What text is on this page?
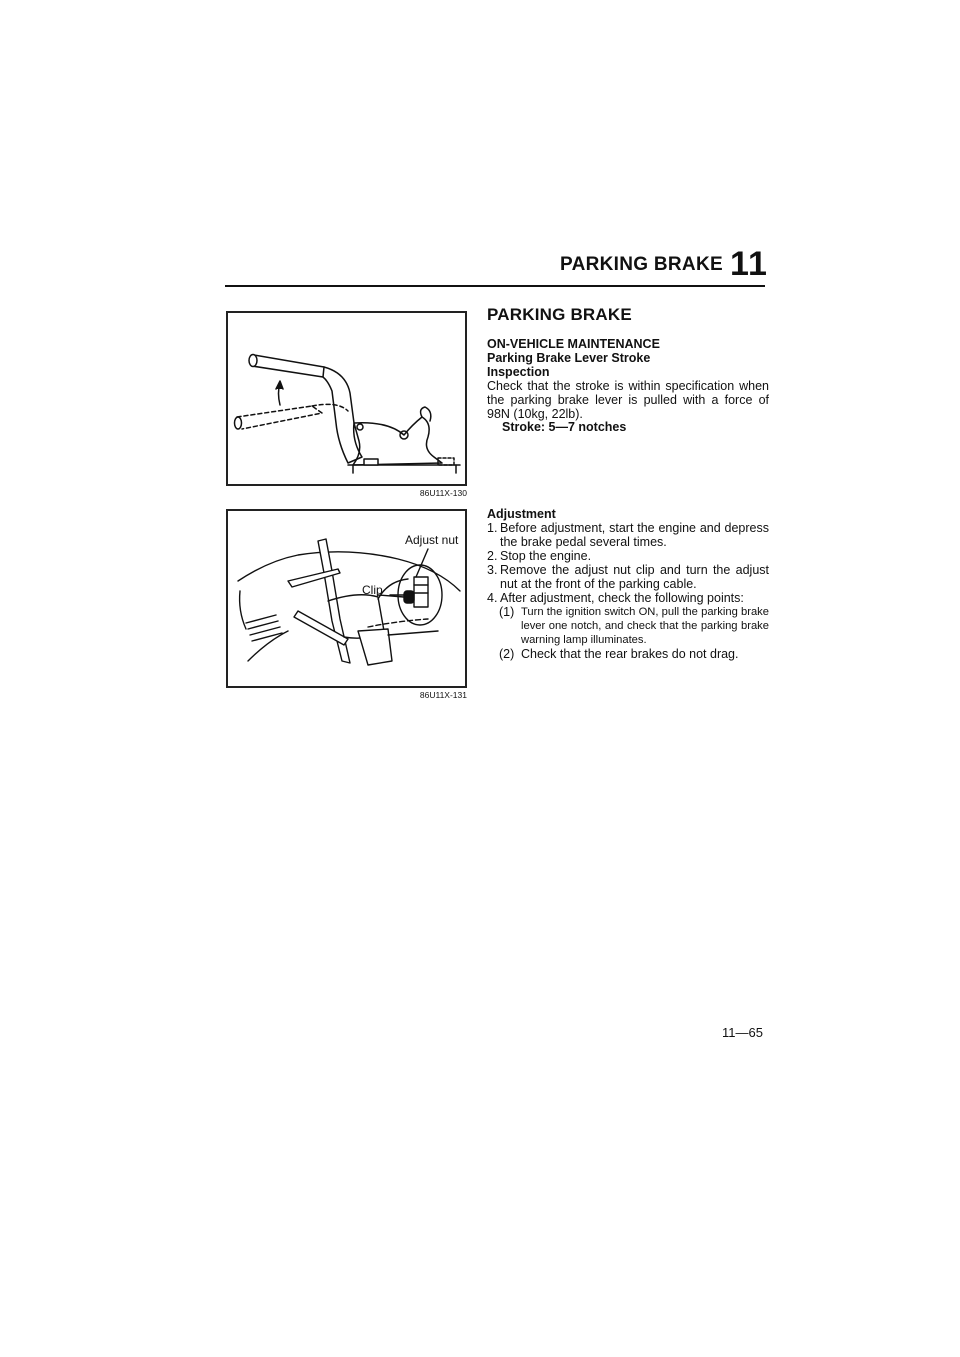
PARKING BRAKE 11
86U11X-130
Adjust nut
Clip
86U11X-131
PARKING BRAKE
ON-VEHICLE MAINTENANCE
Parking Brake Lever Stroke
Inspection
Check that the stroke is within specification when the parking brake lever is pulled with a force of 98N (10kg, 22lb).
Stroke: 5—7 notches
Adjustment
1. Before adjustment, start the engine and depress the brake pedal several times.
2. Stop the engine.
3. Remove the adjust nut clip and turn the adjust nut at the front of the parking cable.
4. After adjustment, check the following points:
(1) Turn the ignition switch ON, pull the parking brake lever one notch, and check that the parking brake warning lamp illuminates.
(2) Check that the rear brakes do not drag.
11—65
